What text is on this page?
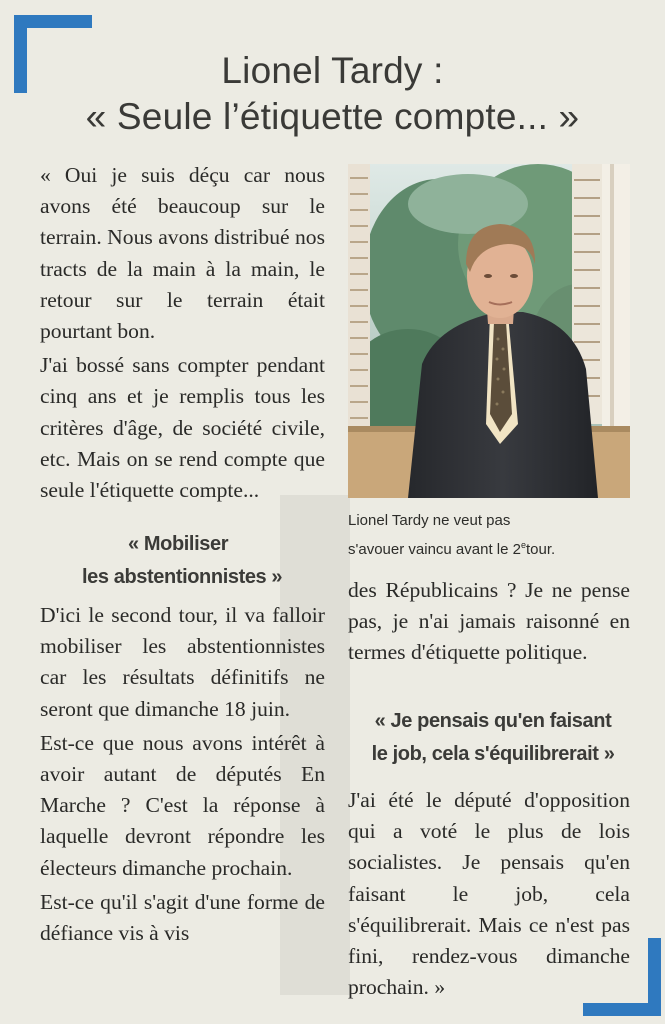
Lionel Tardy :
« Seule l’étiquette compte... »

« Oui je suis déçu car nous avons été beaucoup sur le terrain. Nous avons distribué nos tracts de la main à la main, le retour sur le terrain était pourtant bon.

J'ai bossé sans compter pendant cinq ans et je remplis tous les critères d'âge, de société civile, etc. Mais on se rend compte que seule l'étiquette compte...

« Mobiliser
les abstentionnistes »

D'ici le second tour, il va falloir mobiliser les abstentionnistes car les résultats définitifs ne seront que dimanche 18 juin.

Est-ce que nous avons intérêt à avoir autant de députés En Marche ? C'est la réponse à laquelle devront répondre les électeurs dimanche prochain.

Est-ce qu'il s'agit d'une forme de défiance vis à vis

Lionel Tardy ne veut pas
s'avouer vaincu avant le 2etour.

des Républicains ? Je ne pense pas, je n'ai jamais raisonné en termes d'étiquette politique.

« Je pensais qu'en faisant
le job, cela s'équilibrerait »

J'ai été le député d'opposition qui a voté le plus de lois socialistes. Je pensais qu'en faisant le job, cela s'équilibrerait. Mais ce n'est pas fini, rendez-vous dimanche prochain. »
